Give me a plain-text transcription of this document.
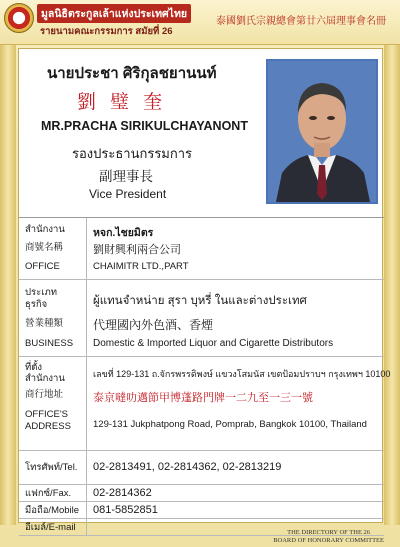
มูลนิธิตระกูลเล้าแห่งประเทศไทย
รายนามคณะกรรมการ สมัยที่ 26
泰國劉氏宗親總會第廿六屆理事會名冊
นายประชา ศิริกุลชยานนท์
劉 璧 奎
MR.PRACHA SIRIKULCHAYANONT
รองประธานกรรมการ
副理事長
Vice President
สำนักงาน
商號名稱
OFFICE
หจก.ไชยมิตร
劉財興利兩合公司
CHAIMITR LTD.,PART
ประเภท
ธุรกิจ
營業種類
BUSINESS
ผู้แทนจำหน่าย สุรา บุหรี่ ในและต่างประเทศ
代理國內外色酒、香煙
Domestic & Imported Liquor and Cigarette Distributors
ที่ตั้ง
สำนักงาน
商行地址
OFFICE'S
ADDRESS
เลขที่ 129-131 ถ.จักรพรรดิพงษ์ แขวงโสมนัส เขตป้อมปราบฯ กรุงเทพฯ 10100
泰京噠叻邁節甲博蓬路門牌一二九至一三一號
129-131 Jukphatpong Road, Pomprab, Bangkok 10100, Thailand
โทรศัพท์/Tel. 02-2813491, 02-2814362, 02-2813219
แฟกซ์/Fax. 02-2814362
มือถือ/Mobile 081-5852851
อีเมล์/E-mail	THE DIRECTORY OF THE 26
BOARD OF HONORARY COMMITTEE
